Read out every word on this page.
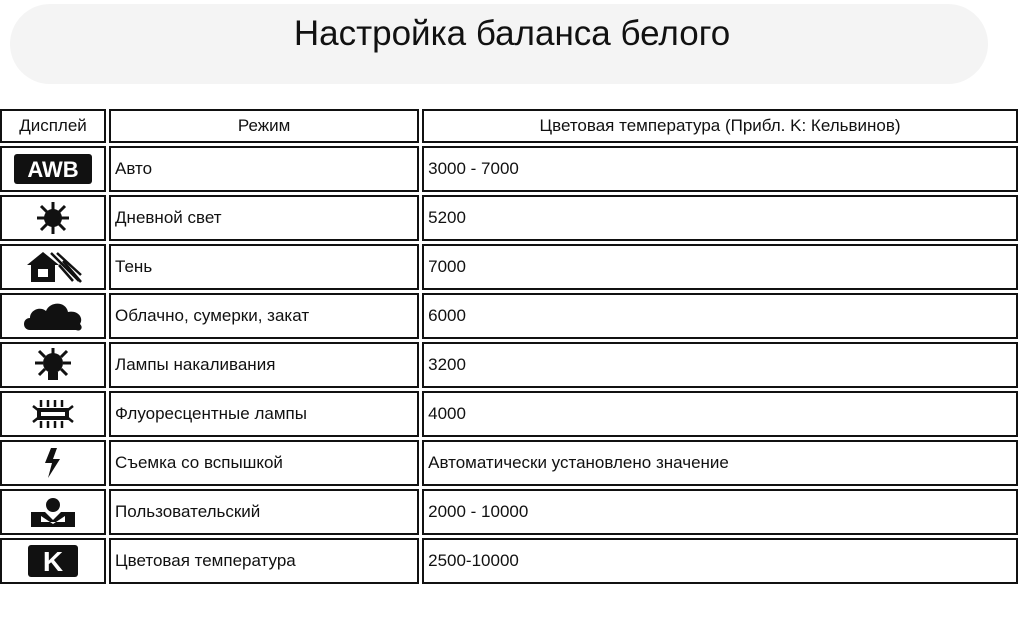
Настройка баланса белого
Дисплей	Режим	Цветовая температура (Прибл. K: Кельвинов)

AWB	Авто	3000 - 7000

	Дневной свет	5200

	Тень	7000

	Облачно, сумерки, закат	6000

	Лампы накаливания	3200

	Флуоресцентные лампы	4000

	Съемка со вспышкой	Автоматически установлено значение

	Пользовательский	2000 - 10000

K	Цветовая температура	2500-10000
